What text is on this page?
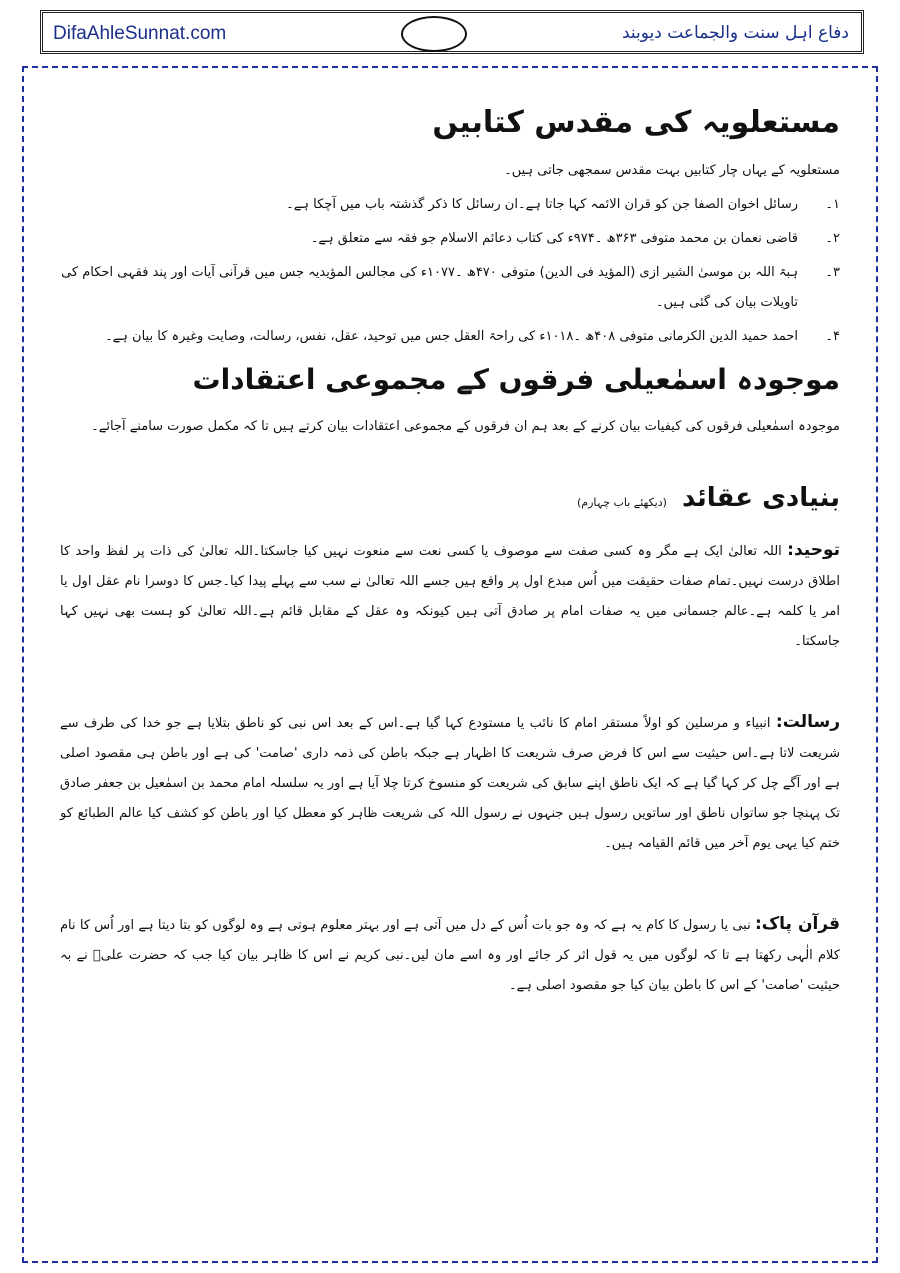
DifaAhleSunnat.com	دفاع اہل سنت والجماعت دیوبند
مستعلویہ کی مقدس کتابیں

مستعلویہ کے یہاں چار کتابیں بہت مقدس سمجھی جاتی ہیں۔

۱۔
رسائل اخوان الصفا جن کو قران الائمہ کہا جاتا ہے۔ان رسائل کا ذکر گذشتہ باب میں آچکا ہے۔
۲۔
قاضی نعمان بن محمد متوفی ۳۶۳ھ ۔۹۷۴ء کی کتاب دعائم الاسلام جو فقہ سے متعلق ہے۔
۳۔
ہبۃ اللہ بن موسیٰ الشیر ازی (المؤید فی الدین) متوفی ۴۷۰ھ ۔۱۰۷۷ء کی مجالس المؤیدیہ جس میں قرآنی آیات اور پند فقہی احکام کی تاویلات بیان کی گئی ہیں۔
۴۔
احمد حمید الدین الکرمانی متوفی ۴۰۸ھ ۔۱۰۱۸ء کی راحۃ العقل جس میں توحید، عقل، نفس، رسالت، وصایت وغیرہ کا بیان ہے۔
موجودہ اسمٰعیلی فرقوں کے مجموعی اعتقادات

موجودہ اسمٰعیلی فرقوں کی کیفیات بیان کرنے کے بعد ہم ان فرقوں کے مجموعی اعتقادات بیان کرتے ہیں تا کہ مکمل صورت سامنے آجائے۔

بنیادی عقائد (دیکھئے باب چہارم)

توحید: اللہ تعالیٰ ایک ہے مگر وہ کسی صفت سے موصوف یا کسی نعت سے منعوت نہیں کیا جاسکتا۔اللہ تعالیٰ کی ذات پر لفظ واحد کا اطلاق درست نہیں۔تمام صفات حقیقت میں اُس مبدع اول پر واقع ہیں جسے اللہ تعالیٰ نے سب سے پہلے پیدا کیا۔جس کا دوسرا نام عقل اول یا امر یا کلمہ ہے۔عالم جسمانی میں یہ صفات امام پر صادق آتی ہیں کیونکہ وہ عقل کے مقابل قائم ہے۔اللہ تعالیٰ کو ہست بھی نہیں کہا جاسکتا۔

رسالت: انبیاء و مرسلین کو اولاً مستقر امام کا نائب یا مستودع کہا گیا ہے۔اس کے بعد اس نبی کو ناطق بتلایا ہے جو خدا کی طرف سے شریعت لاتا ہے۔اس حیثیت سے اس کا فرض صرف شریعت کا اظہار ہے جبکہ باطن کی ذمہ داری 'صامت' کی ہے اور باطن ہی مقصود اصلی ہے اور آگے چل کر کہا گیا ہے کہ ایک ناطق اپنے سابق کی شریعت کو منسوخ کرتا چلا آیا ہے اور یہ سلسلہ امام محمد بن اسمٰعیل بن جعفر صادق تک پہنچا جو ساتواں ناطق اور ساتویں رسول ہیں جنہوں نے رسول اللہ کی شریعت ظاہر کو معطل کیا اور باطن کو کشف کیا عالم الطبائع کو ختم کیا یہی یوم آخر میں قائم القیامہ ہیں۔

قرآن پاک: نبی یا رسول کا کام یہ ہے کہ وہ جو بات اُس کے دل میں آتی ہے اور بہتر معلوم ہوتی ہے وہ لوگوں کو بتا دیتا ہے اور اُس کا نام کلام الٰہی رکھتا ہے تا کہ لوگوں میں یہ قول اثر کر جائے اور وہ اسے مان لیں۔نبی کریم نے اس کا ظاہر بیان کیا جب کہ حضرت علیؓ نے بہ حیثیت 'صامت' کے اس کا باطن بیان کیا جو مقصود اصلی ہے۔
